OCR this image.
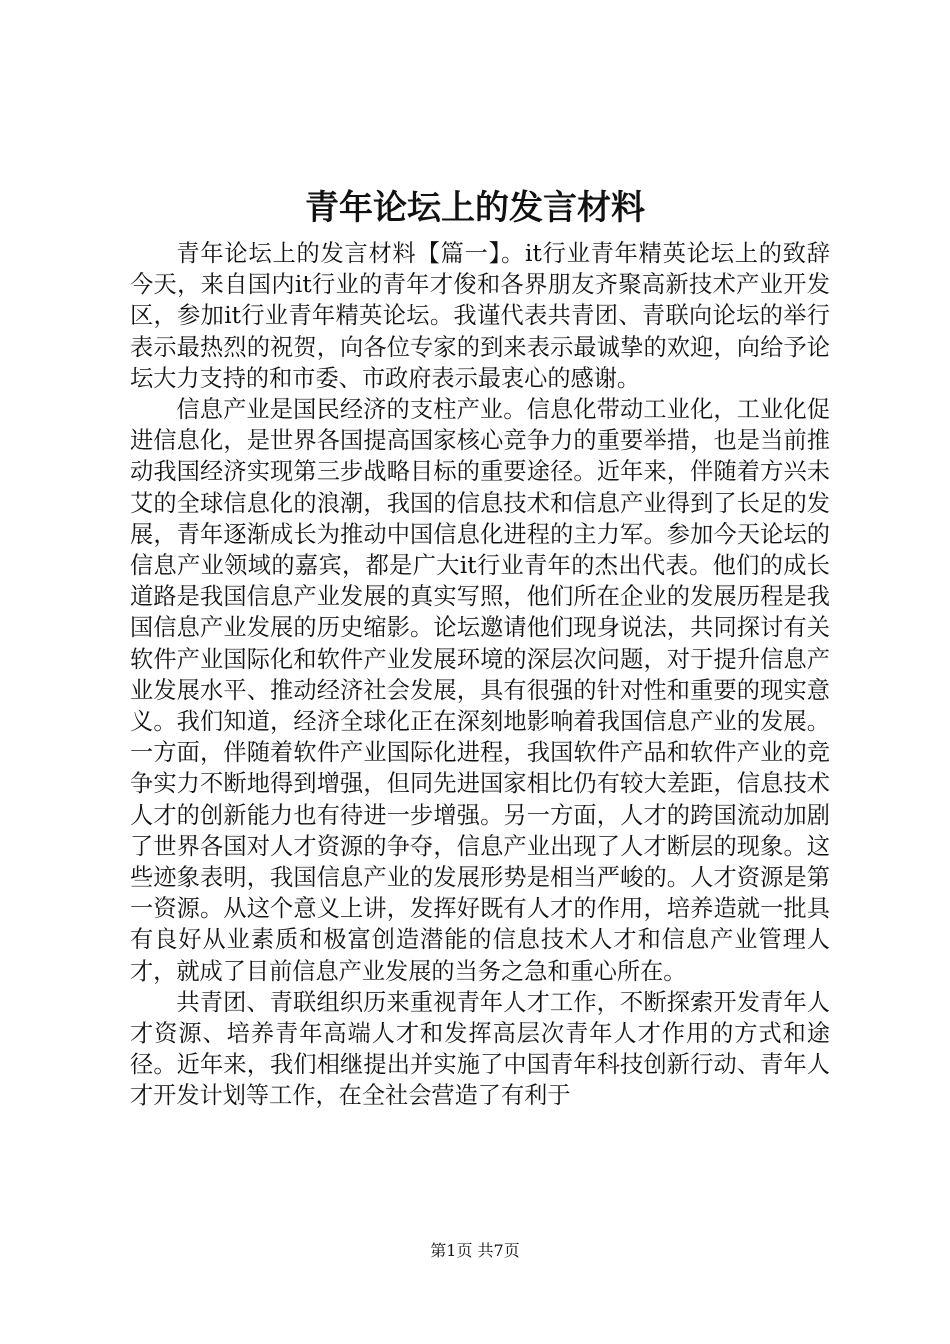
青年论坛上的发言材料

青年论坛上的发言材料【篇一】。it行业青年精英论坛上的致辞今天，来自国内it行业的青年才俊和各界朋友齐聚高新技术产业开发区，参加it行业青年精英论坛。我谨代表共青团、青联向论坛的举行表示最热烈的祝贺，向各位专家的到来表示最诚挚的欢迎，向给予论坛大力支持的和市委、市政府表示最衷心的感谢。

信息产业是国民经济的支柱产业。信息化带动工业化，工业化促进信息化，是世界各国提高国家核心竞争力的重要举措，也是当前推动我国经济实现第三步战略目标的重要途径。近年来，伴随着方兴未艾的全球信息化的浪潮，我国的信息技术和信息产业得到了长足的发展，青年逐渐成长为推动中国信息化进程的主力军。参加今天论坛的信息产业领域的嘉宾，都是广大it行业青年的杰出代表。他们的成长道路是我国信息产业发展的真实写照，他们所在企业的发展历程是我国信息产业发展的历史缩影。论坛邀请他们现身说法，共同探讨有关软件产业国际化和软件产业发展环境的深层次问题，对于提升信息产业发展水平、推动经济社会发展，具有很强的针对性和重要的现实意义。我们知道，经济全球化正在深刻地影响着我国信息产业的发展。一方面，伴随着软件产业国际化进程，我国软件产品和软件产业的竞争实力不断地得到增强，但同先进国家相比仍有较大差距，信息技术人才的创新能力也有待进一步增强。另一方面，人才的跨国流动加剧了世界各国对人才资源的争夺，信息产业出现了人才断层的现象。这些迹象表明，我国信息产业的发展形势是相当严峻的。人才资源是第一资源。从这个意义上讲，发挥好既有人才的作用，培养造就一批具有良好从业素质和极富创造潜能的信息技术人才和信息产业管理人才，就成了目前信息产业发展的当务之急和重心所在。

共青团、青联组织历来重视青年人才工作，不断探索开发青年人才资源、培养青年高端人才和发挥高层次青年人才作用的方式和途径。近年来，我们相继提出并实施了中国青年科技创新行动、青年人才开发计划等工作，在全社会营造了有利于

第1页 共7页
